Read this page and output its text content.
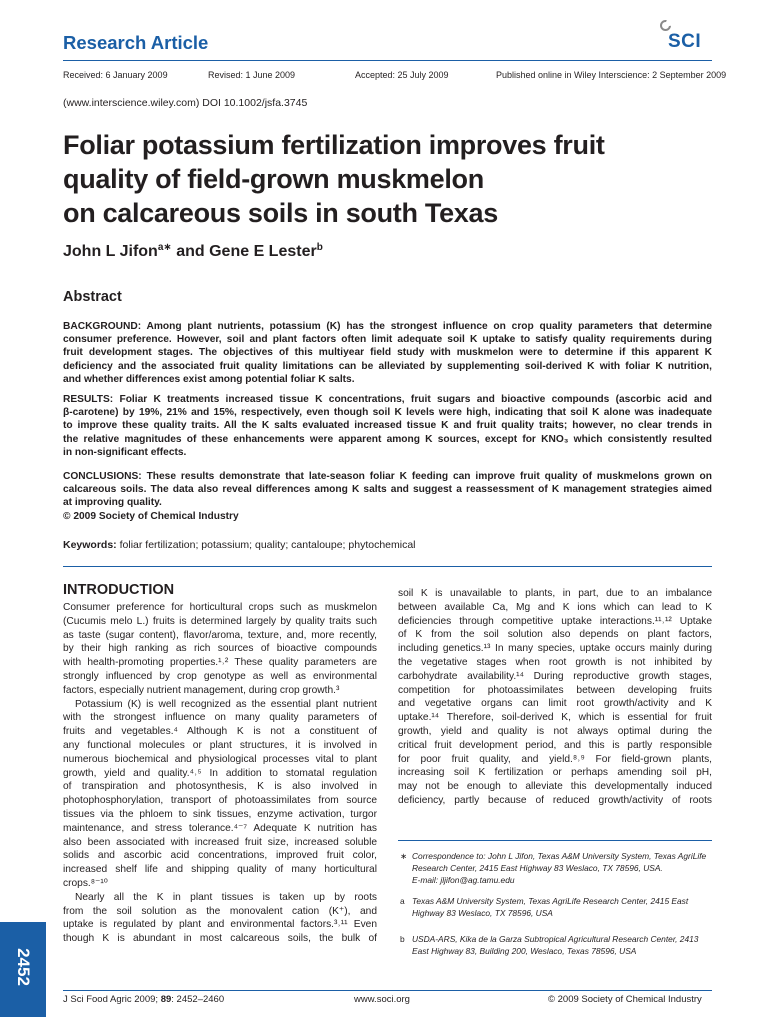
Research Article	SCI
Received: 6 January 2009	Revised: 1 June 2009	Accepted: 25 July 2009	Published online in Wiley Interscience: 2 September 2009
(www.interscience.wiley.com) DOI 10.1002/jsfa.3745
Foliar potassium fertilization improves fruit
quality of field-grown muskmelon
on calcareous soils in south Texas
John L Jifon$^{a∗}$ and Gene E Lester$^b$
Abstract
BACKGROUND: Among plant nutrients, potassium (K) has the strongest influence on crop quality parameters that determine
consumer preference. However, soil and plant factors often limit adequate soil K uptake to satisfy quality requirements during
fruit development stages. The objectives of this multiyear field study with muskmelon were to determine if this apparent K
deficiency and the associated fruit quality limitations can be alleviated by supplementing soil-derived K with foliar K nutrition,
and whether differences exist among potential foliar K salts.
RESULTS: Foliar K treatments increased tissue K concentrations, fruit sugars and bioactive compounds (ascorbic acid and
β-carotene) by 19%, 21% and 15%, respectively, even though soil K levels were high, indicating that soil K alone was inadequate
to improve these quality traits. All the K salts evaluated increased tissue K and fruit quality traits; however, no clear trends in
the relative magnitudes of these enhancements were apparent among K sources, except for KNO₃ which consistently resulted
in non-significant effects.
CONCLUSIONS: These results demonstrate that late-season foliar K feeding can improve fruit quality of muskmelons grown on
calcareous soils. The data also reveal differences among K salts and suggest a reassessment of K management strategies aimed
at improving quality.
© 2009 Society of Chemical Industry
Keywords: foliar fertilization; potassium; quality; cantaloupe; phytochemical
INTRODUCTION
Consumer preference for horticultural crops such as muskmelon
(Cucumis melo L.) fruits is determined largely by quality traits such
as taste (sugar content), flavor/aroma, texture, and, more recently,
by their high ranking as rich sources of bioactive compounds
with health-promoting properties.¹˒² These quality parameters are
strongly influenced by crop genotype as well as environmental
factors, especially nutrient management, during crop growth.³
Potassium (K) is well recognized as the essential plant nutrient
with the strongest influence on many quality parameters of
fruits and vegetables.⁴ Although K is not a constituent of
any functional molecules or plant structures, it is involved in
numerous biochemical and physiological processes vital to plant
growth, yield and quality.⁴˒⁵ In addition to stomatal regulation
of transpiration and photosynthesis, K is also involved in
photophosphorylation, transport of photoassimilates from source
tissues via the phloem to sink tissues, enzyme activation, turgor
maintenance, and stress tolerance.⁴⁻⁷ Adequate K nutrition has
also been associated with increased fruit size, increased soluble
solids and ascorbic acid concentrations, improved fruit color,
increased shelf life and shipping quality of many horticultural
crops.⁸⁻¹⁰
Nearly all the K in plant tissues is taken up by roots
from the soil solution as the monovalent cation (K⁺), and
uptake is regulated by plant and environmental factors.³˒¹¹ Even
though K is abundant in most calcareous soils, the bulk of
soil K is unavailable to plants, in part, due to an imbalance
between available Ca, Mg and K ions which can lead to K
deficiencies through competitive uptake interactions.¹¹˒¹² Uptake
of K from the soil solution also depends on plant factors,
including genetics.¹³ In many species, uptake occurs mainly during
the vegetative stages when root growth is not inhibited by
carbohydrate availability.¹⁴ During reproductive growth stages,
competition for photoassimilates between developing fruits
and vegetative organs can limit root growth/activity and K
uptake.¹⁴ Therefore, soil-derived K, which is essential for fruit
growth, yield and quality is not always optimal during the
critical fruit development period, and this is partly responsible
for poor fruit quality, and yield.⁸˒⁹ For field-grown plants,
increasing soil K fertilization or perhaps amending soil pH,
may not be enough to alleviate this developmentally induced
deficiency, partly because of reduced growth/activity of roots
∗ Correspondence to: John L Jifon, Texas A&M University System, Texas AgriLife
Research Center, 2415 East Highway 83 Weslaco, TX 78596, USA.
E-mail: jljifon@ag.tamu.edu
a Texas A&M University System, Texas AgriLife Research Center, 2415 East
Highway 83 Weslaco, TX 78596, USA
b USDA-ARS, Kika de la Garza Subtropical Agricultural Research Center, 2413
East Highway 83, Building 200, Weslaco, Texas 78596, USA
2452
J Sci Food Agric 2009; 89: 2452–2460	www.soci.org	© 2009 Society of Chemical Industry
